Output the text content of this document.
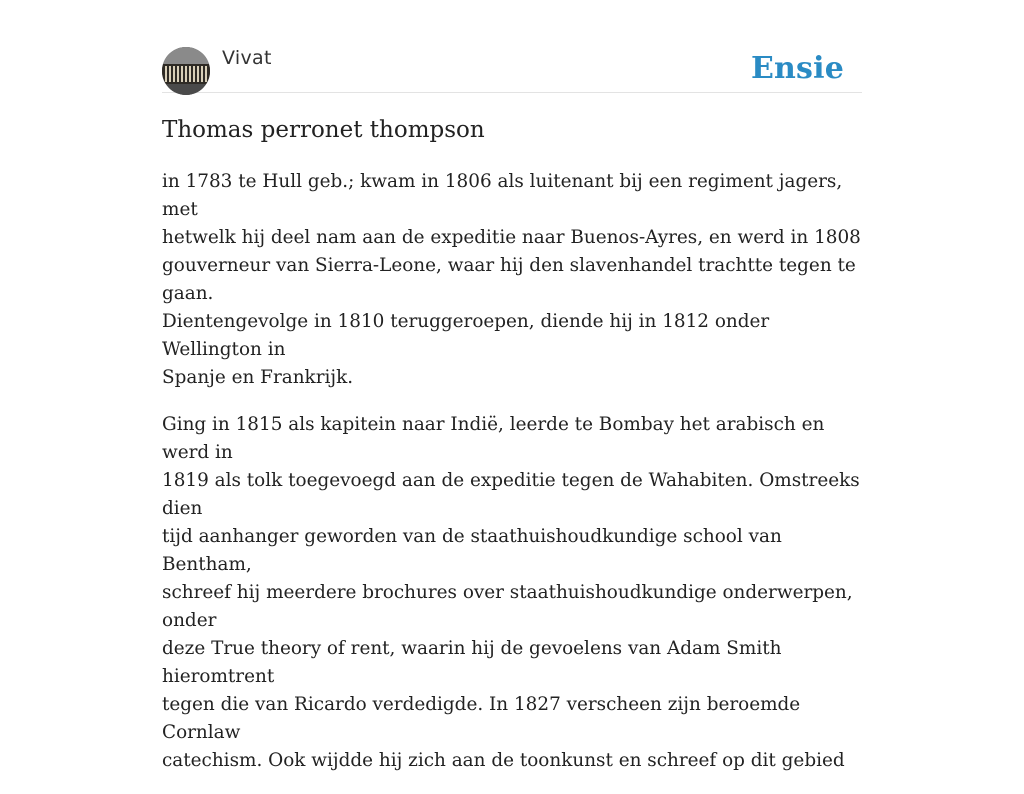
Vivat	Ensie
Thomas perronet thompson

in 1783 te Hull geb.; kwam in 1806 als luitenant bij een regiment jagers, met
hetwelk hij deel nam aan de expeditie naar Buenos-Ayres, en werd in 1808
gouverneur van Sierra-Leone, waar hij den slavenhandel trachtte tegen te gaan.
Dientengevolge in 1810 teruggeroepen, diende hij in 1812 onder Wellington in
Spanje en Frankrijk.

Ging in 1815 als kapitein naar Indië, leerde te Bombay het arabisch en werd in
1819 als tolk toegevoegd aan de expeditie tegen de Wahabiten. Omstreeks dien
tijd aanhanger geworden van de staathuishoudkundige school van Bentham,
schreef hij meerdere brochures over staathuishoudkundige onderwerpen, onder
deze True theory of rent, waarin hij de gevoelens van Adam Smith hieromtrent
tegen die van Ricardo verdedigde. In 1827 verscheen zijn beroemde Cornlaw
catechism. Ook wijdde hij zich aan de toonkunst en schreef op dit gebied
